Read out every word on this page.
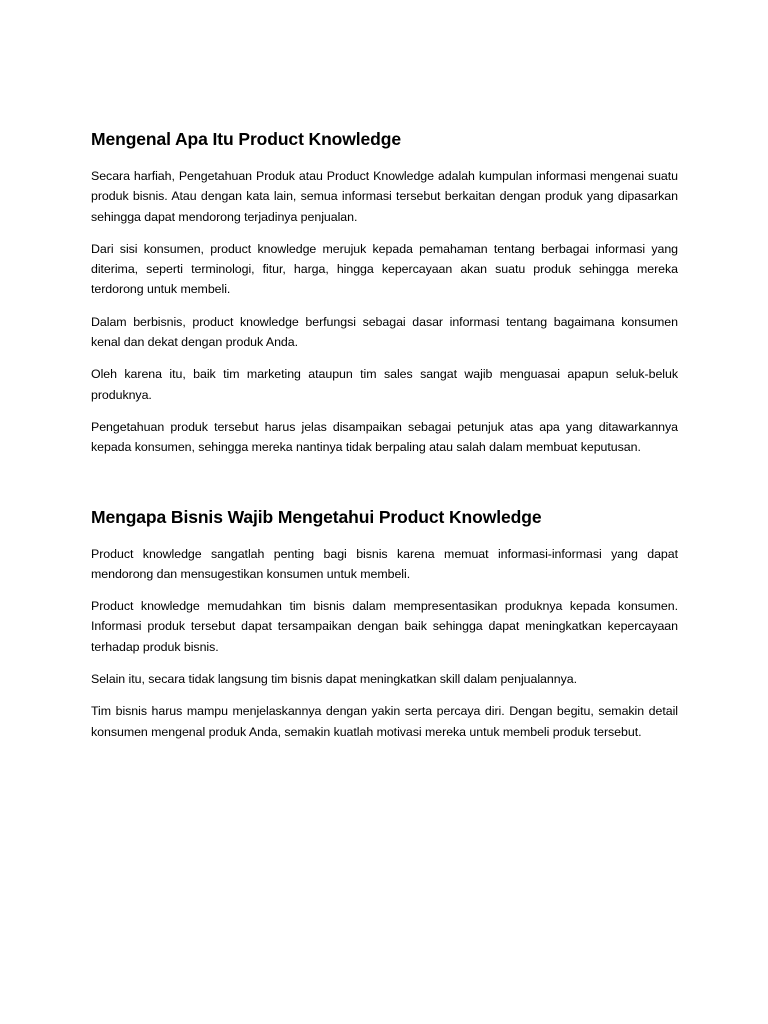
Mengenal Apa Itu Product Knowledge

Secara harfiah, Pengetahuan Produk atau Product Knowledge adalah kumpulan informasi mengenai suatu produk bisnis. Atau dengan kata lain, semua informasi tersebut berkaitan dengan produk yang dipasarkan sehingga dapat mendorong terjadinya penjualan.

Dari sisi konsumen, product knowledge merujuk kepada pemahaman tentang berbagai informasi yang diterima, seperti terminologi, fitur, harga, hingga kepercayaan akan suatu produk sehingga mereka terdorong untuk membeli.

Dalam berbisnis, product knowledge berfungsi sebagai dasar informasi tentang bagaimana konsumen kenal dan dekat dengan produk Anda.

Oleh karena itu, baik tim marketing ataupun tim sales sangat wajib menguasai apapun seluk-beluk produknya.

Pengetahuan produk tersebut harus jelas disampaikan sebagai petunjuk atas apa yang ditawarkannya kepada konsumen, sehingga mereka nantinya tidak berpaling atau salah dalam membuat keputusan.

Mengapa Bisnis Wajib Mengetahui Product Knowledge

Product knowledge sangatlah penting bagi bisnis karena memuat informasi-informasi yang dapat mendorong dan mensugestikan konsumen untuk membeli.

Product knowledge memudahkan tim bisnis dalam mempresentasikan produknya kepada konsumen. Informasi produk tersebut dapat tersampaikan dengan baik sehingga dapat meningkatkan kepercayaan terhadap produk bisnis.

Selain itu, secara tidak langsung tim bisnis dapat meningkatkan skill dalam penjualannya.

Tim bisnis harus mampu menjelaskannya dengan yakin serta percaya diri. Dengan begitu, semakin detail konsumen mengenal produk Anda, semakin kuatlah motivasi mereka untuk membeli produk tersebut.
